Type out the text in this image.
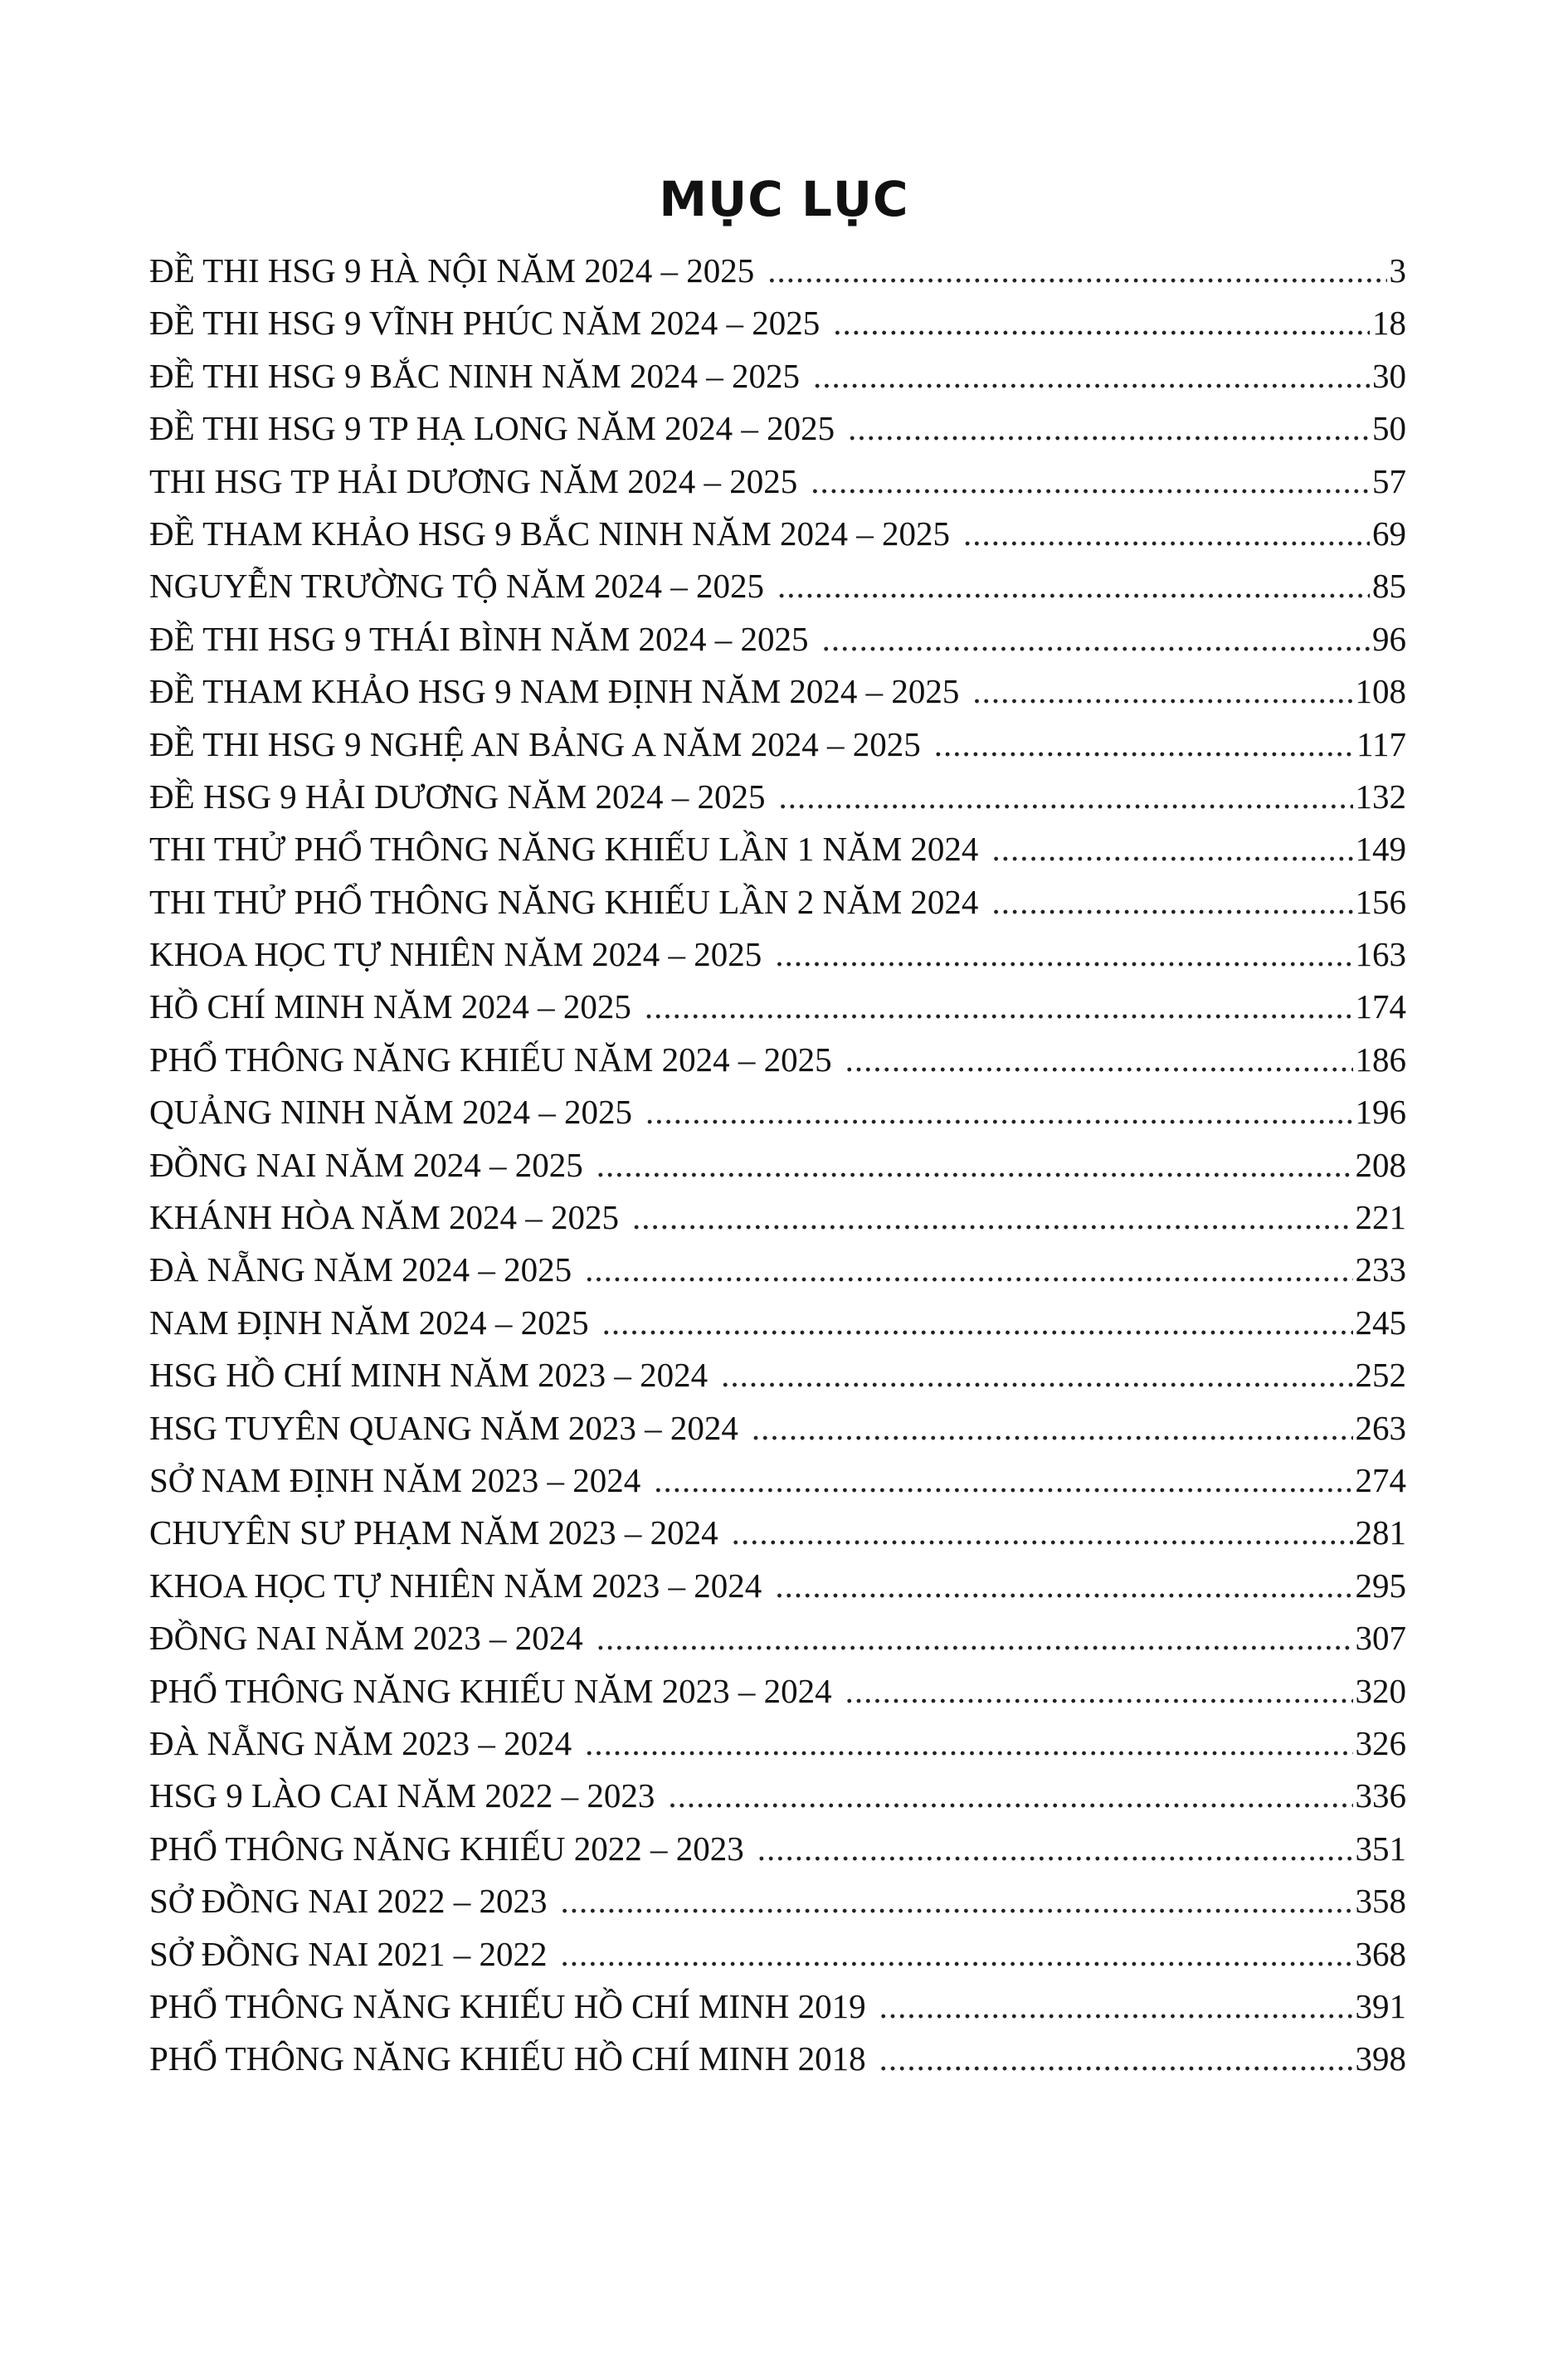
MỤC LỤC
ĐỀ THI HSG 9 HÀ NỘI NĂM 2024 – 2025 .....	3
ĐỀ THI HSG 9 VĨNH PHÚC NĂM 2024 – 2025 .....	18
ĐỀ THI HSG 9 BẮC NINH NĂM 2024 – 2025 .....	30
ĐỀ THI HSG 9 TP HẠ LONG NĂM 2024 – 2025 .....	50
THI HSG TP HẢI DƯƠNG NĂM 2024 – 2025 .....	57
ĐỀ THAM KHẢO HSG 9 BẮC NINH NĂM 2024 – 2025 .....	69
NGUYỄN TRƯỜNG TỘ NĂM 2024 – 2025 .....	85
ĐỀ THI HSG 9 THÁI BÌNH NĂM 2024 – 2025 .....	96
ĐỀ THAM KHẢO HSG 9 NAM ĐỊNH NĂM 2024 – 2025 .....	108
ĐỀ THI HSG 9 NGHỆ AN BẢNG A NĂM 2024 – 2025 .....	117
ĐỀ HSG 9 HẢI DƯƠNG NĂM 2024 – 2025 .....	132
THI THỬ PHỔ THÔNG NĂNG KHIẾU LẦN 1 NĂM 2024 .....	149
THI THỬ PHỔ THÔNG NĂNG KHIẾU LẦN 2 NĂM 2024 .....	156
KHOA HỌC TỰ NHIÊN NĂM 2024 – 2025 .....	163
HỒ CHÍ MINH NĂM 2024 – 2025 .....	174
PHỔ THÔNG NĂNG KHIẾU NĂM 2024 – 2025 .....	186
QUẢNG NINH NĂM 2024 – 2025 .....	196
ĐỒNG NAI NĂM 2024 – 2025 .....	208
KHÁNH HÒA NĂM 2024 – 2025 .....	221
ĐÀ NẴNG NĂM 2024 – 2025 .....	233
NAM ĐỊNH NĂM 2024 – 2025 .....	245
HSG HỒ CHÍ MINH NĂM 2023 – 2024 .....	252
HSG TUYÊN QUANG NĂM 2023 – 2024 .....	263
SỞ NAM ĐỊNH NĂM 2023 – 2024 .....	274
CHUYÊN SƯ PHẠM NĂM 2023 – 2024 .....	281
KHOA HỌC TỰ NHIÊN NĂM 2023 – 2024 .....	295
ĐỒNG NAI NĂM 2023 – 2024 .....	307
PHỔ THÔNG NĂNG KHIẾU NĂM 2023 – 2024 .....	320
ĐÀ NẴNG NĂM 2023 – 2024 .....	326
HSG 9 LÀO CAI NĂM 2022 – 2023 .....	336
PHỔ THÔNG NĂNG KHIẾU 2022 – 2023 .....	351
SỞ ĐỒNG NAI 2022 – 2023 .....	358
SỞ ĐỒNG NAI 2021 – 2022 .....	368
PHỔ THÔNG NĂNG KHIẾU HỒ CHÍ MINH 2019 .....	391
PHỔ THÔNG NĂNG KHIẾU HỒ CHÍ MINH 2018 .....	398
